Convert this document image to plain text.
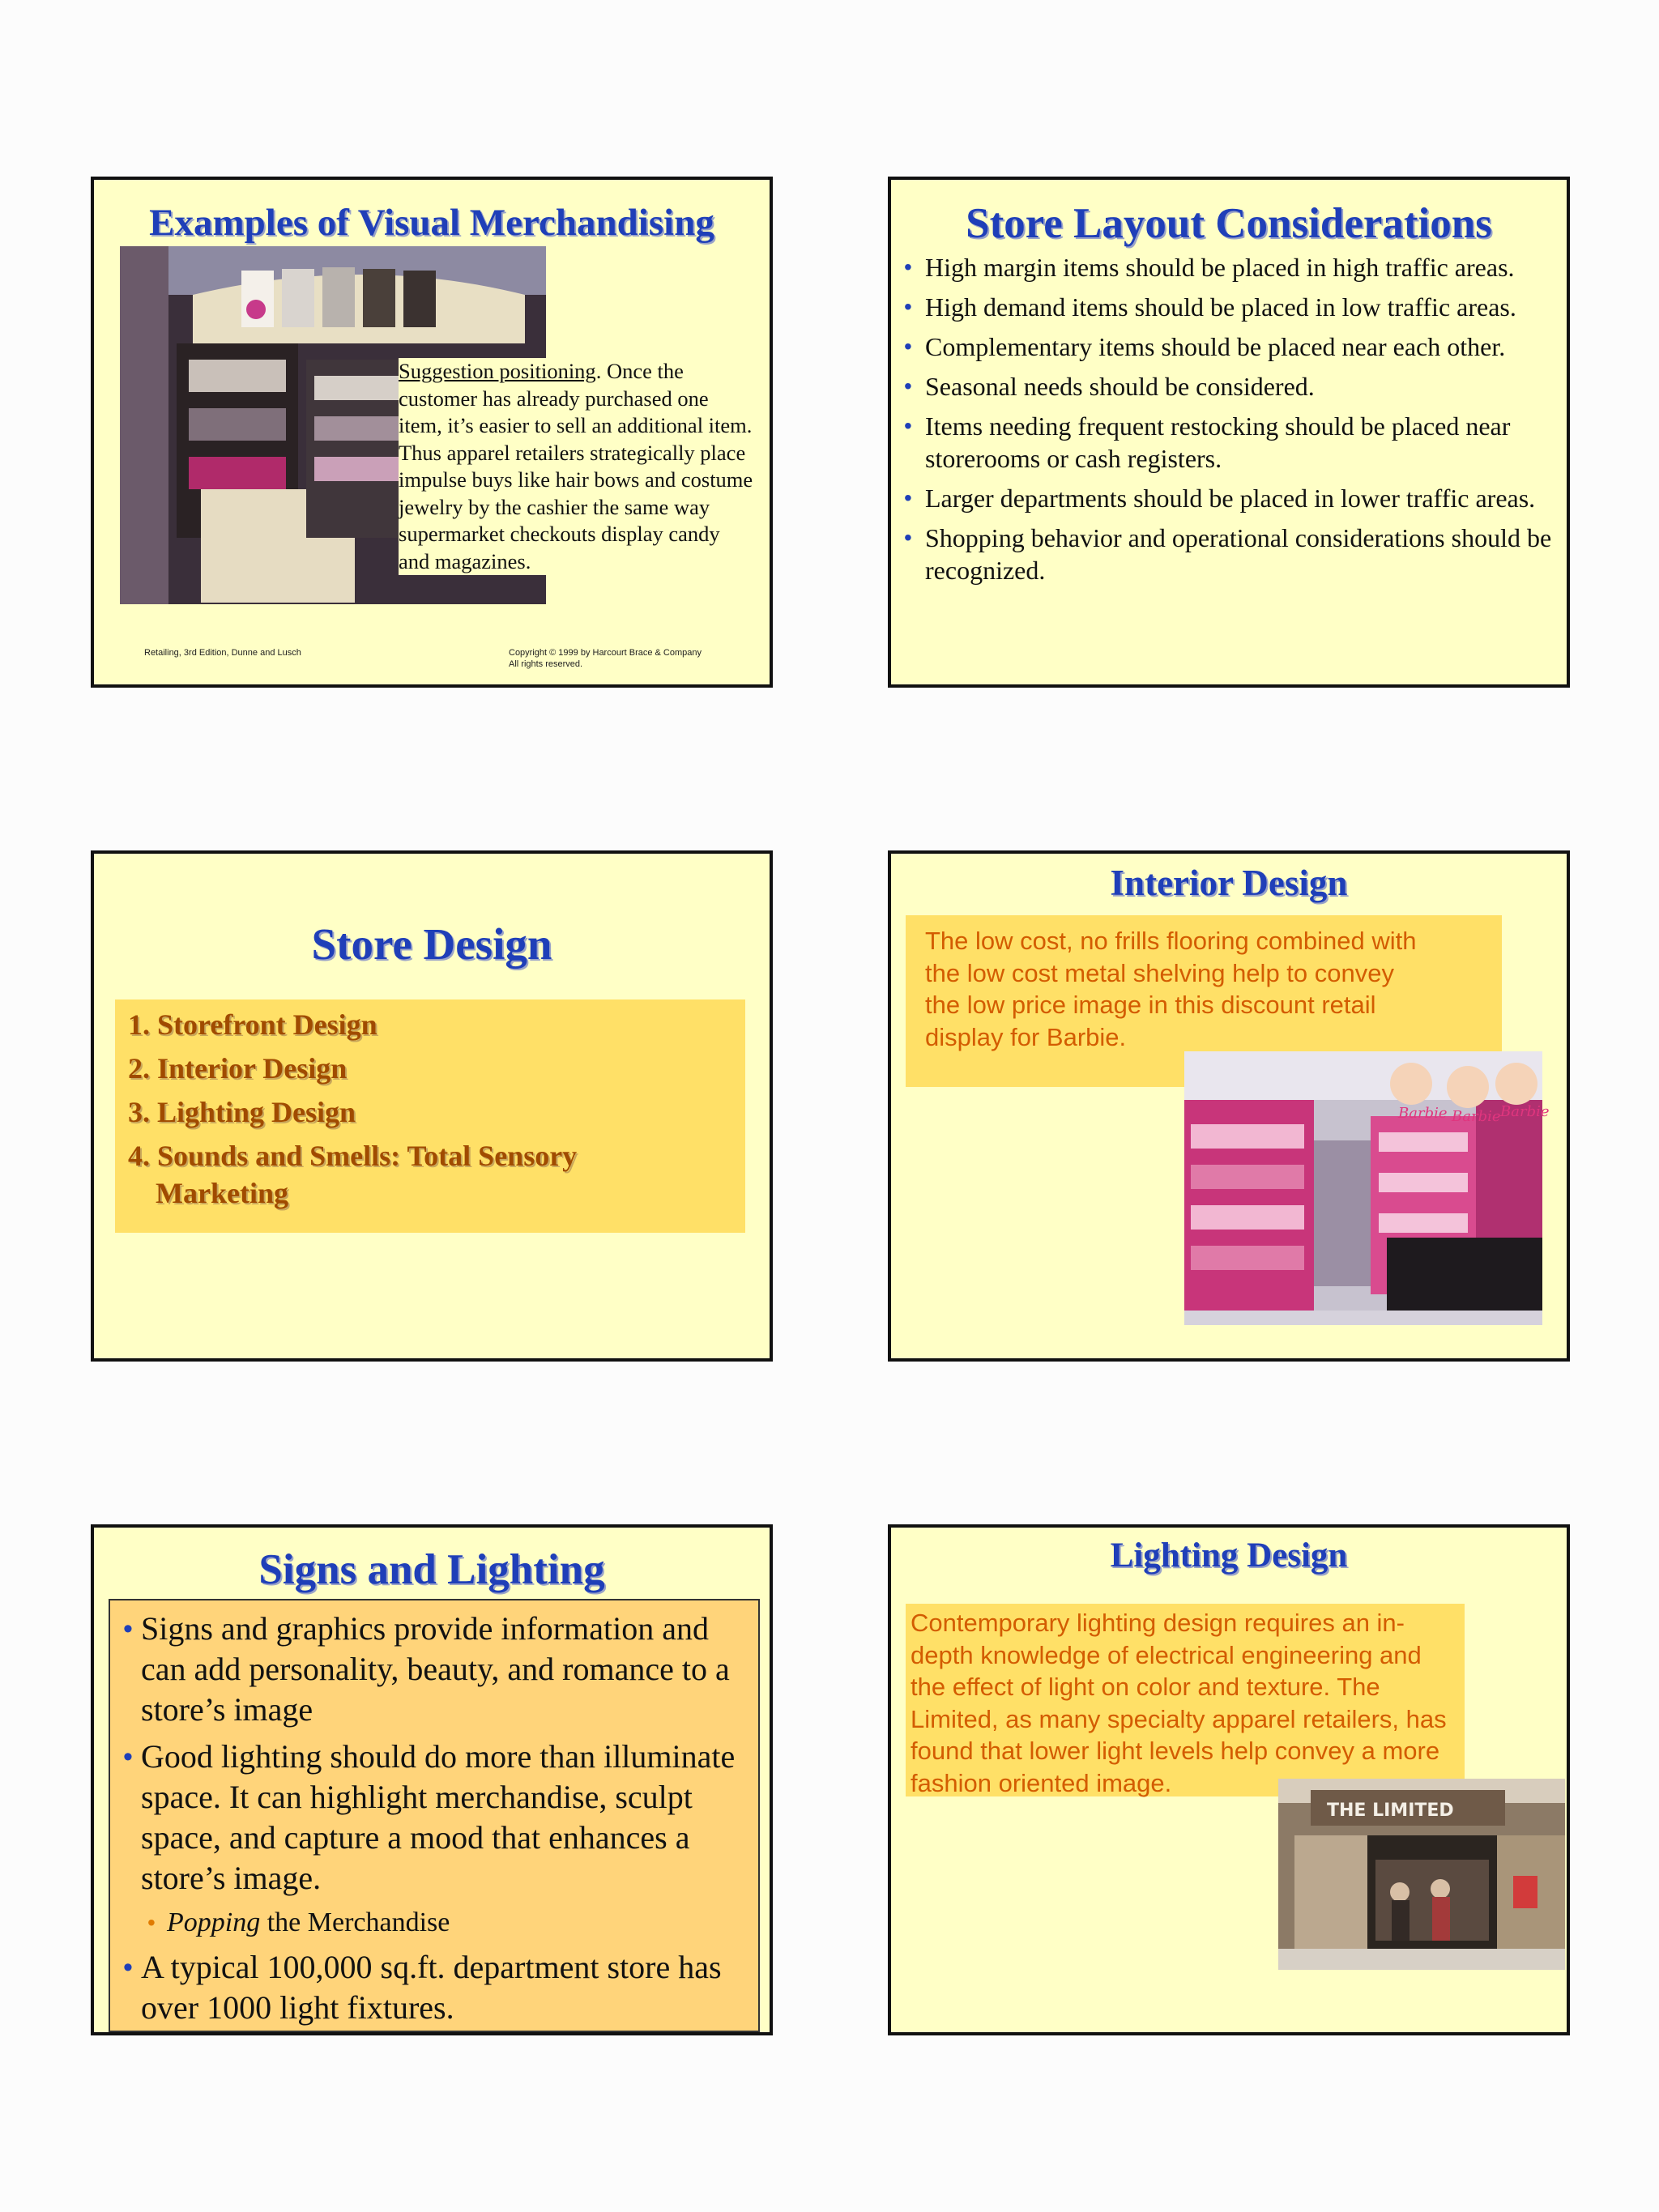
Examples of Visual Merchandising
Suggestion positioning. Once the customer has already purchased one item, it’s easier to sell an additional item. Thus apparel retailers strategically place impulse buys like hair bows and costume jewelry by the cashier the same way supermarket checkouts display candy and magazines.
Retailing, 3rd Edition, Dunne and Lusch	Copyright © 1999 by Harcourt Brace & Company
All rights reserved.
Store Layout Considerations
• High margin items should be placed in high traffic areas.
• High demand items should be placed in low traffic areas.
• Complementary items should be placed near each other.
• Seasonal needs should be considered.
• Items needing frequent restocking should be placed near storerooms or cash registers.
• Larger departments should be placed in lower traffic areas.
• Shopping behavior and operational considerations should be recognized.
Store Design
1. Storefront Design
2. Interior Design
3. Lighting Design
4. Sounds and Smells: Total Sensory
Marketing
Interior Design
The low cost, no frills flooring combined with the low cost metal shelving help to convey the low price image in this discount retail display for Barbie.
Barbie Barbie Barbie
Signs and Lighting
• Signs and graphics provide information and can add personality, beauty, and romance to a store’s image
• Good lighting should do more than illuminate space. It can highlight merchandise, sculpt space, and capture a mood that enhances a store’s image.
• Popping the Merchandise
• A typical 100,000 sq.ft. department store has over 1000 light fixtures.
Lighting Design
Contemporary lighting design requires an in-depth knowledge of electrical engineering and the effect of light on color and texture. The Limited, as many specialty apparel retailers, has found that lower light levels help convey a more fashion oriented image.
THE LIMITED
